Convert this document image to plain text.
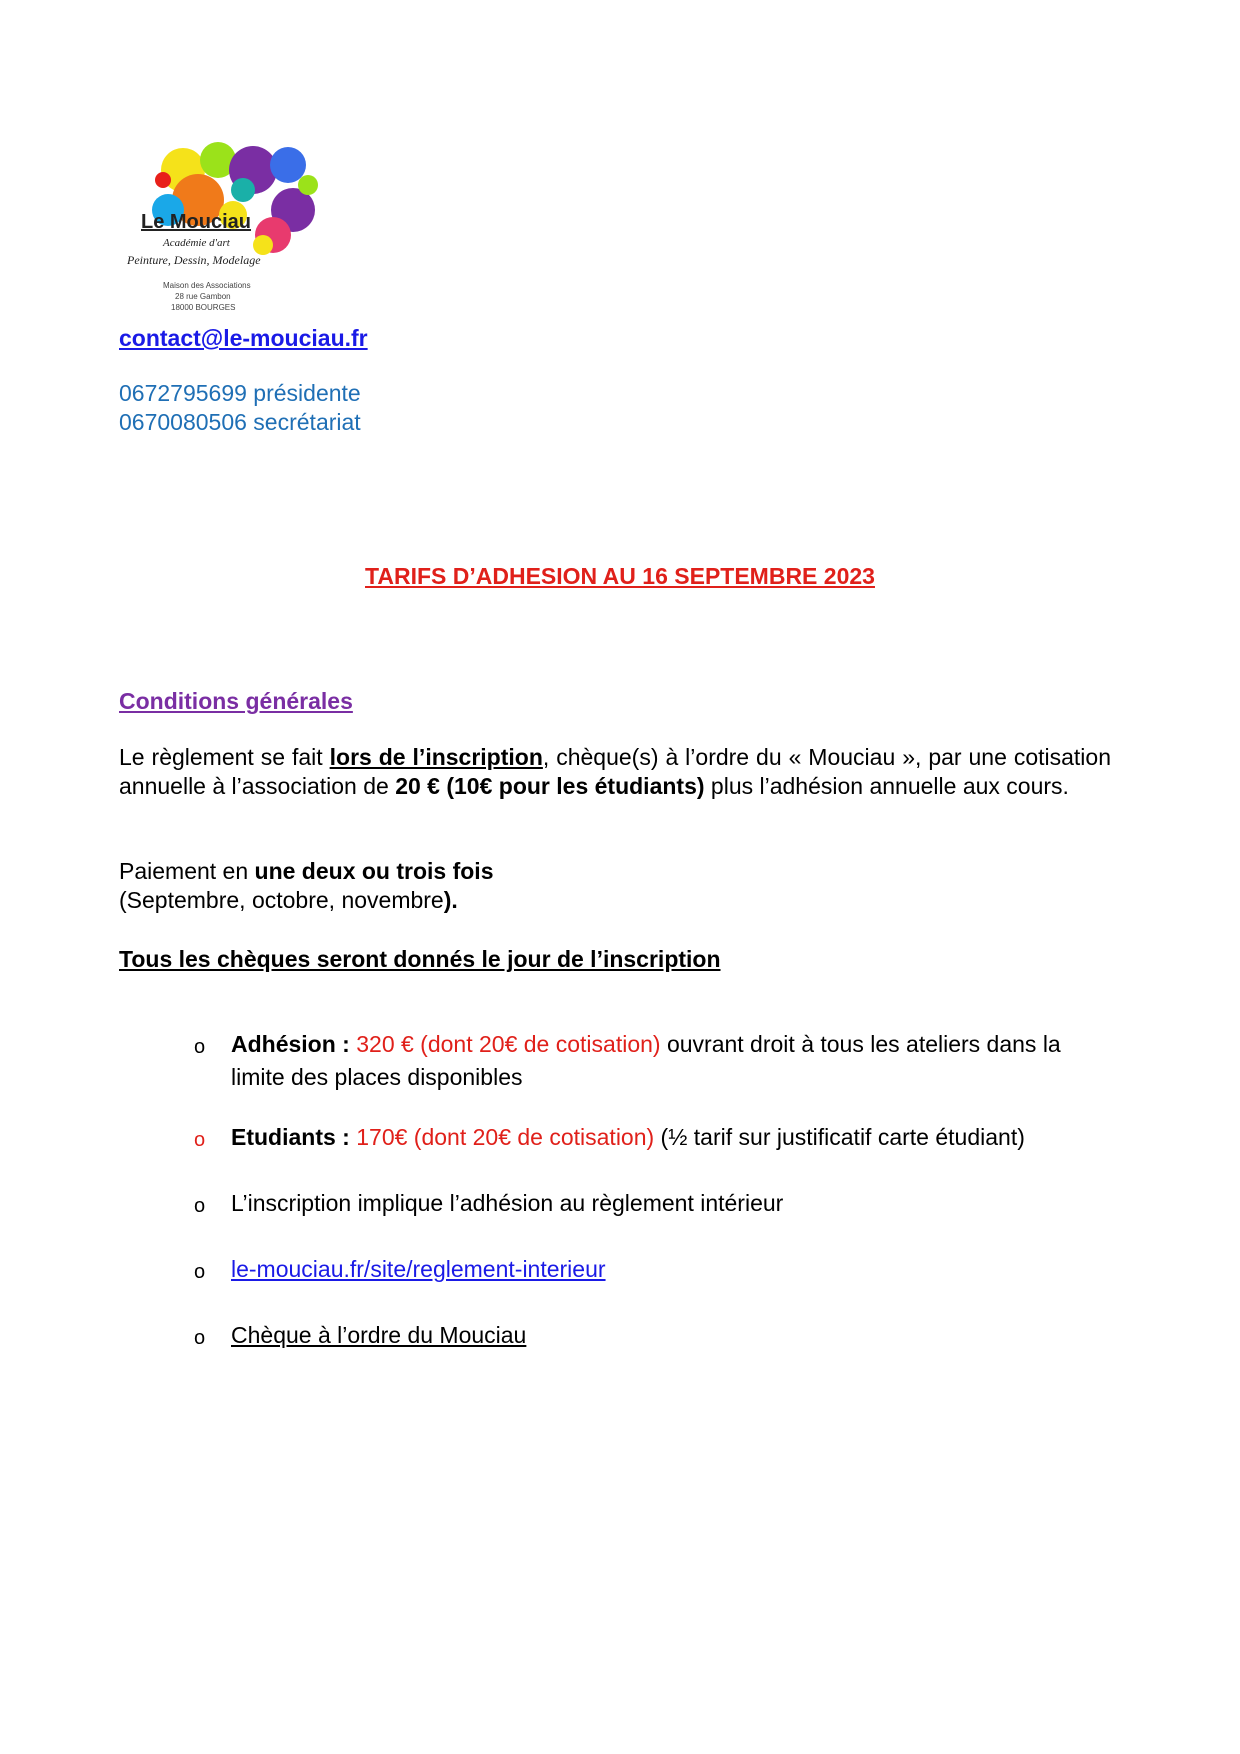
Le Mouciau
Académie d'art
Peinture, Dessin, Modelage
Maison des Associations
28 rue Gambon
18000 BOURGES
contact@le-mouciau.fr
0672795699 présidente
0670080506 secrétariat
TARIFS D’ADHESION AU 16 SEPTEMBRE 2023
Conditions générales
Le règlement se fait lors de l’inscription, chèque(s) à l’ordre du « Mouciau », par une cotisation annuelle à l’association de 20 € (10€ pour les étudiants) plus l’adhésion annuelle aux cours.
Paiement en une deux ou trois fois
(Septembre, octobre, novembre).
Tous les chèques seront donnés le jour de l’inscription
o Adhésion : 320 € (dont 20€ de cotisation) ouvrant droit à tous les ateliers dans la limite des places disponibles
o Etudiants : 170€ (dont 20€ de cotisation) (½ tarif sur justificatif carte étudiant)
o L’inscription implique l’adhésion au règlement intérieur
o le-mouciau.fr/site/reglement-interieur
o Chèque à l’ordre du Mouciau
